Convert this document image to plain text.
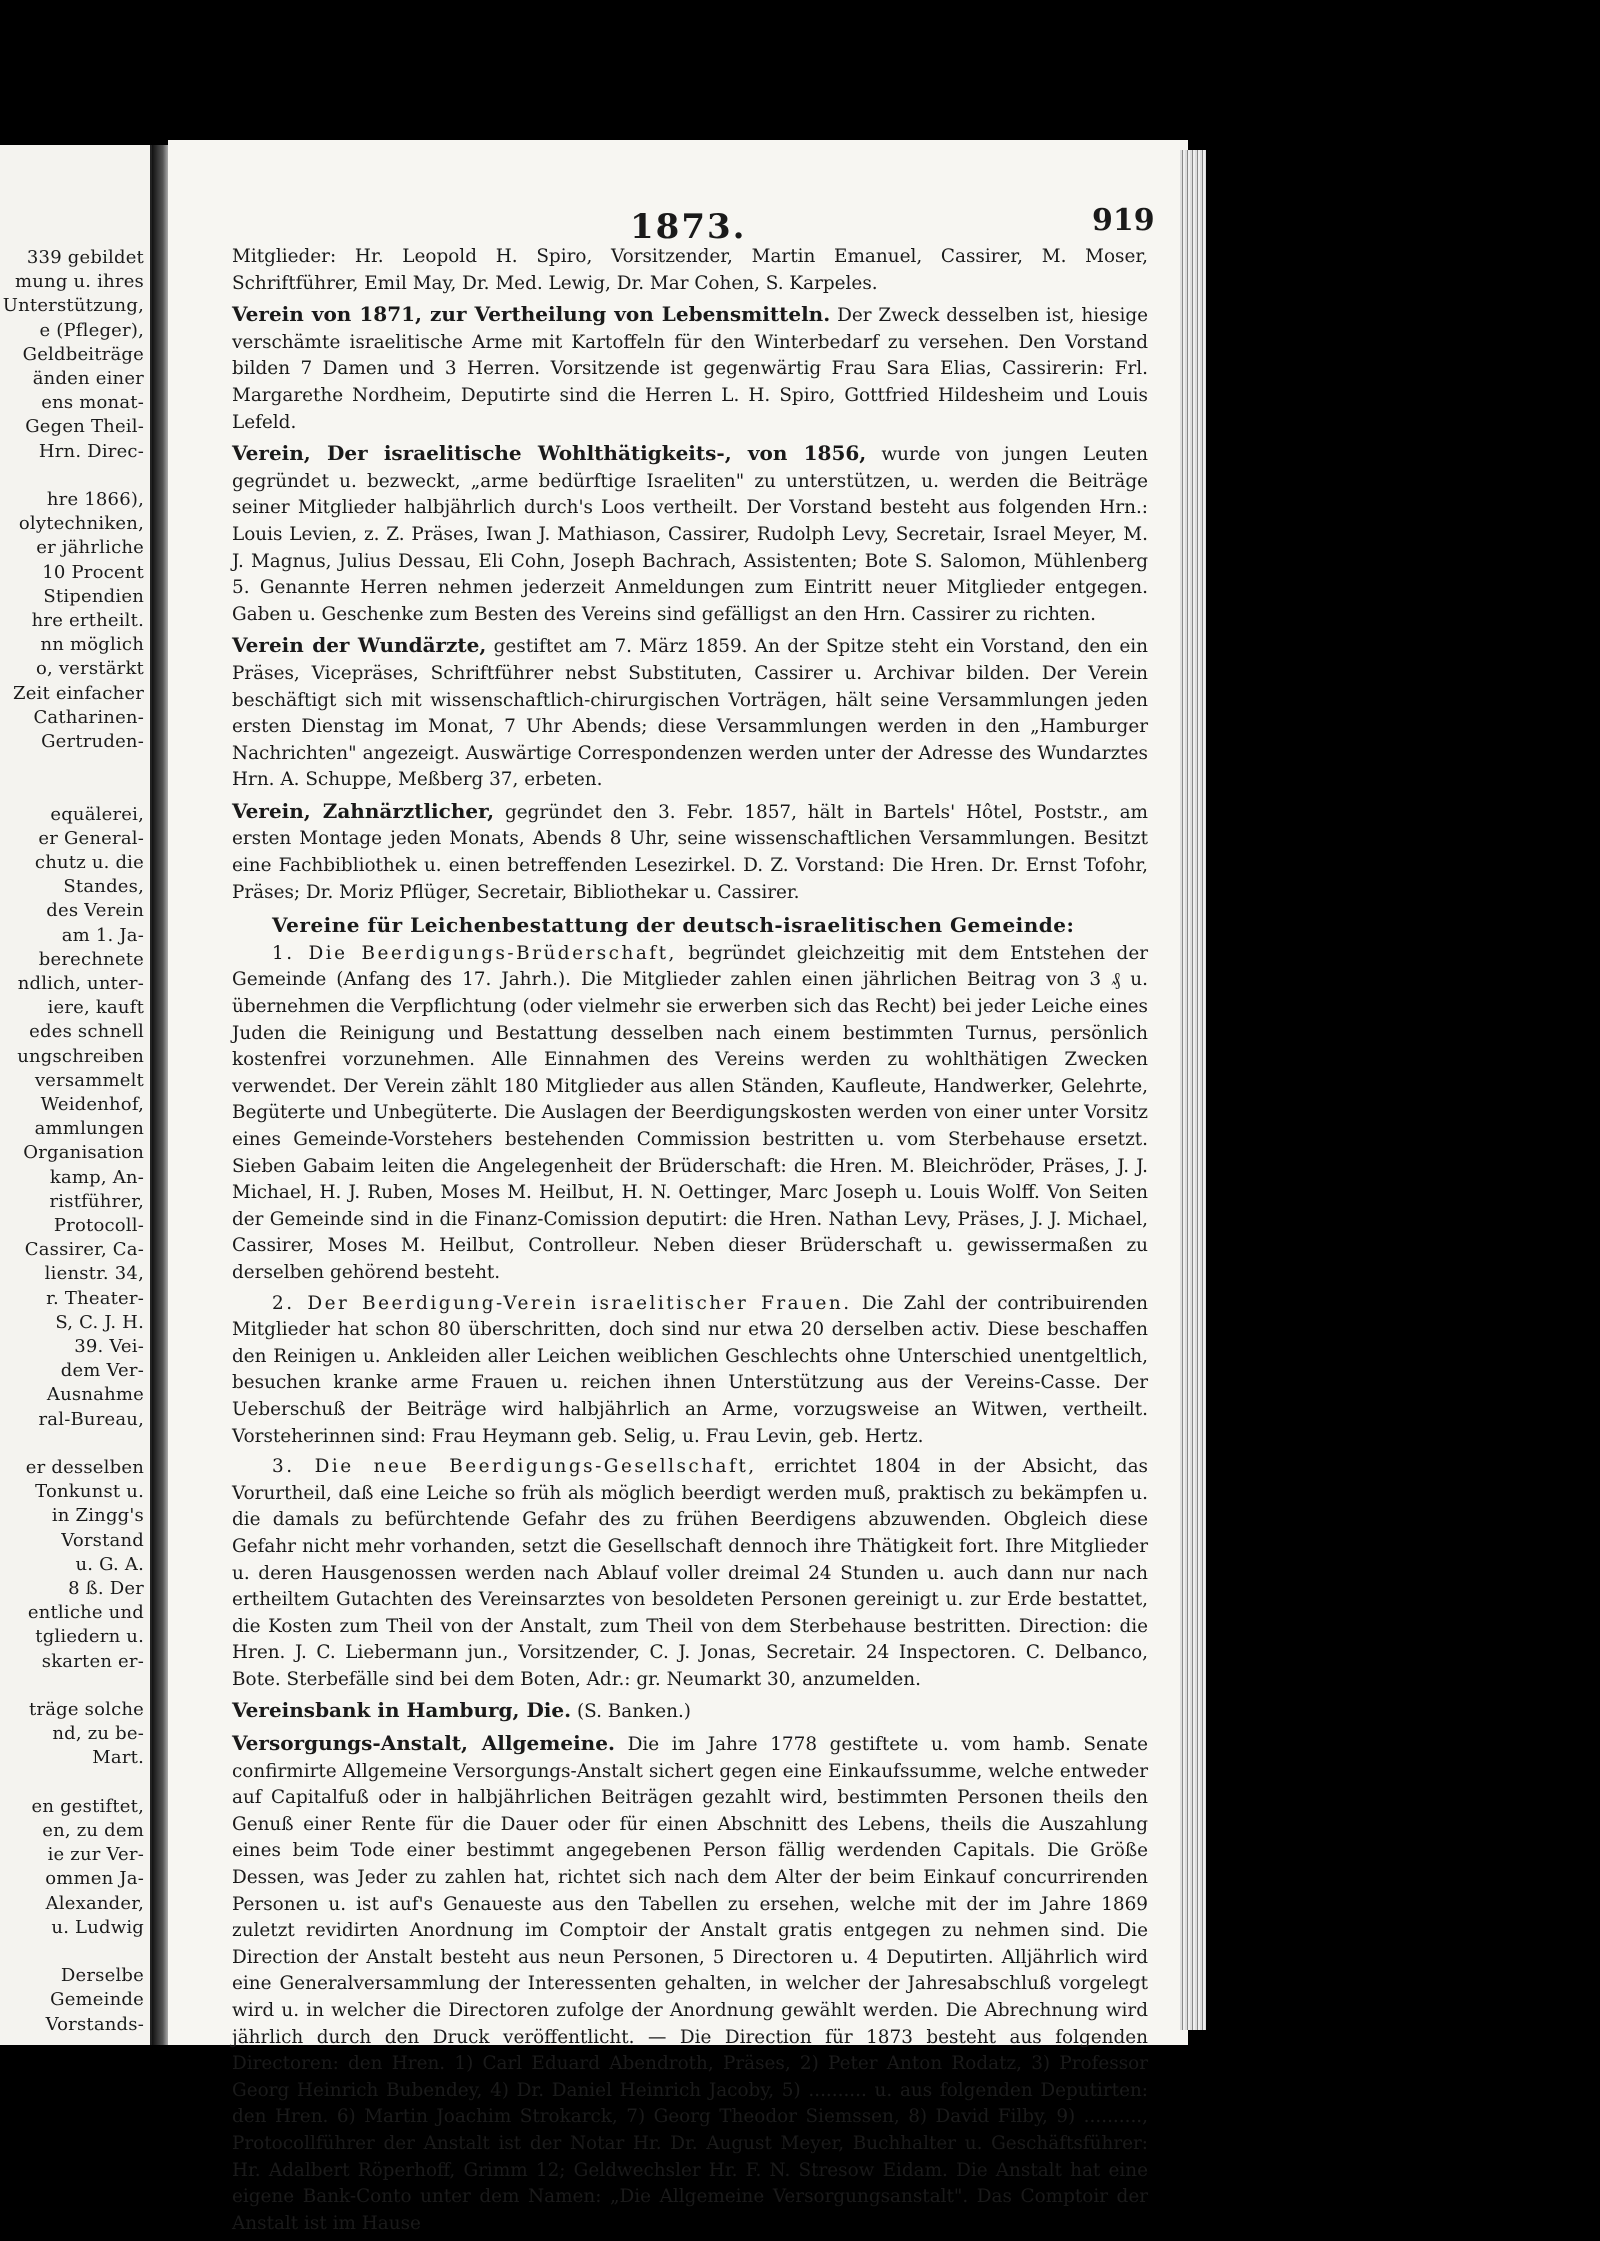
339 gebildet
mung u. ihres
Unterstützung,
e (Pfleger),
Geldbeiträge
änden einer
ens monat-
Gegen Theil-
Hrn. Direc-
hre 1866),
olytechniken,
er jährliche
10 Procent
Stipendien
hre ertheilt.
nn möglich
o, verstärkt
Zeit einfacher
Catharinen-
Gertruden-
equälerei,
er General-
chutz u. die
Standes,
des Verein
am 1. Ja-
berechnete
ndlich, unter-
iere, kauft
edes schnell
ungschreiben
versammelt
Weidenhof,
ammlungen
Organisation
kamp, An-
ristführer,
Protocoll-
Cassirer, Ca-
lienstr. 34,
r. Theater-
S, C. J. H.
39. Vei-
dem Ver-
Ausnahme
ral-Bureau,
er desselben
Tonkunst u.
in Zingg's
Vorstand
u. G. A.
8 ß. Der
entliche und
tgliedern u.
skarten er-
träge solche
nd, zu be-
Mart.
en gestiftet,
en, zu dem
ie zur Ver-
ommen Ja-
Alexander,
u. Ludwig
Derselbe
Gemeinde
Vorstands-
1873.	919

Mitglieder: Hr. Leopold H. Spiro, Vorsitzender, Martin Emanuel, Cassirer, M. Moser, Schriftführer, Emil May, Dr. Med. Lewig, Dr. Mar Cohen, S. Karpeles.

Verein von 1871, zur Vertheilung von Lebensmitteln. Der Zweck desselben ist, hiesige verschämte israelitische Arme mit Kartoffeln für den Winterbedarf zu versehen. Den Vorstand bilden 7 Damen und 3 Herren. Vorsitzende ist gegenwärtig Frau Sara Elias, Cassirerin: Frl. Margarethe Nordheim, Deputirte sind die Herren L. H. Spiro, Gottfried Hildesheim und Louis Lefeld.

Verein, Der israelitische Wohlthätigkeits-, von 1856, wurde von jungen Leuten gegründet u. bezweckt, „arme bedürftige Israeliten" zu unterstützen, u. werden die Beiträge seiner Mitglieder halbjährlich durch's Loos vertheilt. Der Vorstand besteht aus folgenden Hrn.: Louis Levien, z. Z. Präses, Iwan J. Mathiason, Cassirer, Rudolph Levy, Secretair, Israel Meyer, M. J. Magnus, Julius Dessau, Eli Cohn, Joseph Bachrach, Assistenten; Bote S. Salomon, Mühlenberg 5. Genannte Herren nehmen jederzeit Anmeldungen zum Eintritt neuer Mitglieder entgegen. Gaben u. Geschenke zum Besten des Vereins sind gefälligst an den Hrn. Cassirer zu richten.

Verein der Wundärzte, gestiftet am 7. März 1859. An der Spitze steht ein Vorstand, den ein Präses, Vicepräses, Schriftführer nebst Substituten, Cassirer u. Archivar bilden. Der Verein beschäftigt sich mit wissenschaftlich-chirurgischen Vorträgen, hält seine Versammlungen jeden ersten Dienstag im Monat, 7 Uhr Abends; diese Versammlungen werden in den „Hamburger Nachrichten" angezeigt. Auswärtige Correspondenzen werden unter der Adresse des Wundarztes Hrn. A. Schuppe, Meßberg 37, erbeten.

Verein, Zahnärztlicher, gegründet den 3. Febr. 1857, hält in Bartels' Hôtel, Poststr., am ersten Montage jeden Monats, Abends 8 Uhr, seine wissenschaftlichen Versammlungen. Besitzt eine Fachbibliothek u. einen betreffenden Lesezirkel. D. Z. Vorstand: Die Hren. Dr. Ernst Tofohr, Präses; Dr. Moriz Pflüger, Secretair, Bibliothekar u. Cassirer.

Vereine für Leichenbestattung der deutsch-israelitischen Gemeinde:

1. Die Beerdigungs-Brüderschaft, begründet gleichzeitig mit dem Entstehen der Gemeinde (Anfang des 17. Jahrh.). Die Mitglieder zahlen einen jährlichen Beitrag von 3 ₰ u. übernehmen die Verpflichtung (oder vielmehr sie erwerben sich das Recht) bei jeder Leiche eines Juden die Reinigung und Bestattung desselben nach einem bestimmten Turnus, persönlich kostenfrei vorzunehmen. Alle Einnahmen des Vereins werden zu wohlthätigen Zwecken verwendet. Der Verein zählt 180 Mitglieder aus allen Ständen, Kaufleute, Handwerker, Gelehrte, Begüterte und Unbegüterte. Die Auslagen der Beerdigungskosten werden von einer unter Vorsitz eines Gemeinde-Vorstehers bestehenden Commission bestritten u. vom Sterbehause ersetzt. Sieben Gabaim leiten die Angelegenheit der Brüderschaft: die Hren. M. Bleichröder, Präses, J. J. Michael, H. J. Ruben, Moses M. Heilbut, H. N. Oettinger, Marc Joseph u. Louis Wolff. Von Seiten der Gemeinde sind in die Finanz-Comission deputirt: die Hren. Nathan Levy, Präses, J. J. Michael, Cassirer, Moses M. Heilbut, Controlleur. Neben dieser Brüderschaft u. gewissermaßen zu derselben gehörend besteht.

2. Der Beerdigung-Verein israelitischer Frauen. Die Zahl der contribuirenden Mitglieder hat schon 80 überschritten, doch sind nur etwa 20 derselben activ. Diese beschaffen den Reinigen u. Ankleiden aller Leichen weiblichen Geschlechts ohne Unterschied unentgeltlich, besuchen kranke arme Frauen u. reichen ihnen Unterstützung aus der Vereins-Casse. Der Ueberschuß der Beiträge wird halbjährlich an Arme, vorzugsweise an Witwen, vertheilt. Vorsteherinnen sind: Frau Heymann geb. Selig, u. Frau Levin, geb. Hertz.

3. Die neue Beerdigungs-Gesellschaft, errichtet 1804 in der Absicht, das Vorurtheil, daß eine Leiche so früh als möglich beerdigt werden muß, praktisch zu bekämpfen u. die damals zu befürchtende Gefahr des zu frühen Beerdigens abzuwenden. Obgleich diese Gefahr nicht mehr vorhanden, setzt die Gesellschaft dennoch ihre Thätigkeit fort. Ihre Mitglieder u. deren Hausgenossen werden nach Ablauf voller dreimal 24 Stunden u. auch dann nur nach ertheiltem Gutachten des Vereinsarztes von besoldeten Personen gereinigt u. zur Erde bestattet, die Kosten zum Theil von der Anstalt, zum Theil von dem Sterbehause bestritten. Direction: die Hren. J. C. Liebermann jun., Vorsitzender, C. J. Jonas, Secretair. 24 Inspectoren. C. Delbanco, Bote. Sterbefälle sind bei dem Boten, Adr.: gr. Neumarkt 30, anzumelden.

Vereinsbank in Hamburg, Die. (S. Banken.)

Versorgungs-Anstalt, Allgemeine. Die im Jahre 1778 gestiftete u. vom hamb. Senate confirmirte Allgemeine Versorgungs-Anstalt sichert gegen eine Einkaufssumme, welche entweder auf Capitalfuß oder in halbjährlichen Beiträgen gezahlt wird, bestimmten Personen theils den Genuß einer Rente für die Dauer oder für einen Abschnitt des Lebens, theils die Auszahlung eines beim Tode einer bestimmt angegebenen Person fällig werdenden Capitals. Die Größe Dessen, was Jeder zu zahlen hat, richtet sich nach dem Alter der beim Einkauf concurrirenden Personen u. ist auf's Genaueste aus den Tabellen zu ersehen, welche mit der im Jahre 1869 zuletzt revidirten Anordnung im Comptoir der Anstalt gratis entgegen zu nehmen sind. Die Direction der Anstalt besteht aus neun Personen, 5 Directoren u. 4 Deputirten. Alljährlich wird eine Generalversammlung der Interessenten gehalten, in welcher der Jahresabschluß vorgelegt wird u. in welcher die Directoren zufolge der Anordnung gewählt werden. Die Abrechnung wird jährlich durch den Druck veröffentlicht. — Die Direction für 1873 besteht aus folgenden Directoren: den Hren. 1) Carl Eduard Abendroth, Präses, 2) Peter Anton Rodatz, 3) Professor Georg Heinrich Bubendey, 4) Dr. Daniel Heinrich Jacoby, 5) .......... u. aus folgenden Deputirten: den Hren. 6) Martin Joachim Strokarck, 7) Georg Theodor Siemssen, 8) David Filby, 9) .........., Protocollführer der Anstalt ist der Notar Hr. Dr. August Meyer, Buchhalter u. Geschäftsführer: Hr. Adalbert Röperhoff, Grimm 12; Geldwechsler Hr. F. N. Stresow Eidam. Die Anstalt hat eine eigene Bank-Conto unter dem Namen: „Die Allgemeine Versorgungsanstalt". Das Comptoir der Anstalt ist im Hause
